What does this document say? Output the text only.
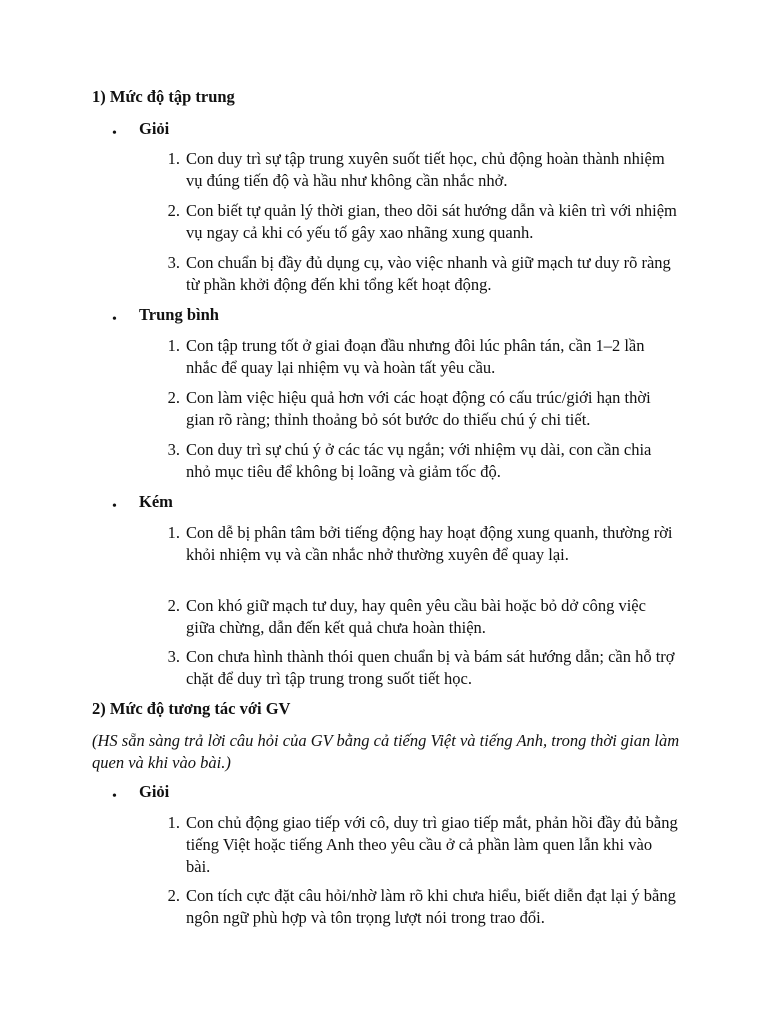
1) Mức độ tập trung
• Giỏi
1. Con duy trì sự tập trung xuyên suốt tiết học, chủ động hoàn thành nhiệm vụ đúng tiến độ và hầu như không cần nhắc nhở.
2. Con biết tự quản lý thời gian, theo dõi sát hướng dẫn và kiên trì với nhiệm vụ ngay cả khi có yếu tố gây xao nhãng xung quanh.
3. Con chuẩn bị đầy đủ dụng cụ, vào việc nhanh và giữ mạch tư duy rõ ràng từ phần khởi động đến khi tổng kết hoạt động.
• Trung bình
1. Con tập trung tốt ở giai đoạn đầu nhưng đôi lúc phân tán, cần 1–2 lần nhắc để quay lại nhiệm vụ và hoàn tất yêu cầu.
2. Con làm việc hiệu quả hơn với các hoạt động có cấu trúc/giới hạn thời gian rõ ràng; thỉnh thoảng bỏ sót bước do thiếu chú ý chi tiết.
3. Con duy trì sự chú ý ở các tác vụ ngắn; với nhiệm vụ dài, con cần chia nhỏ mục tiêu để không bị loãng và giảm tốc độ.
• Kém
1. Con dễ bị phân tâm bởi tiếng động hay hoạt động xung quanh, thường rời khỏi nhiệm vụ và cần nhắc nhở thường xuyên để quay lại.
2. Con khó giữ mạch tư duy, hay quên yêu cầu bài hoặc bỏ dở công việc giữa chừng, dẫn đến kết quả chưa hoàn thiện.
3. Con chưa hình thành thói quen chuẩn bị và bám sát hướng dẫn; cần hỗ trợ chặt để duy trì tập trung trong suốt tiết học.
2) Mức độ tương tác với GV
(HS sẵn sàng trả lời câu hỏi của GV bằng cả tiếng Việt và tiếng Anh, trong thời gian làm quen và khi vào bài.)
• Giỏi
1. Con chủ động giao tiếp với cô, duy trì giao tiếp mắt, phản hồi đầy đủ bằng tiếng Việt hoặc tiếng Anh theo yêu cầu ở cả phần làm quen lẫn khi vào bài.
2. Con tích cực đặt câu hỏi/nhờ làm rõ khi chưa hiểu, biết diễn đạt lại ý bằng ngôn ngữ phù hợp và tôn trọng lượt nói trong trao đổi.
